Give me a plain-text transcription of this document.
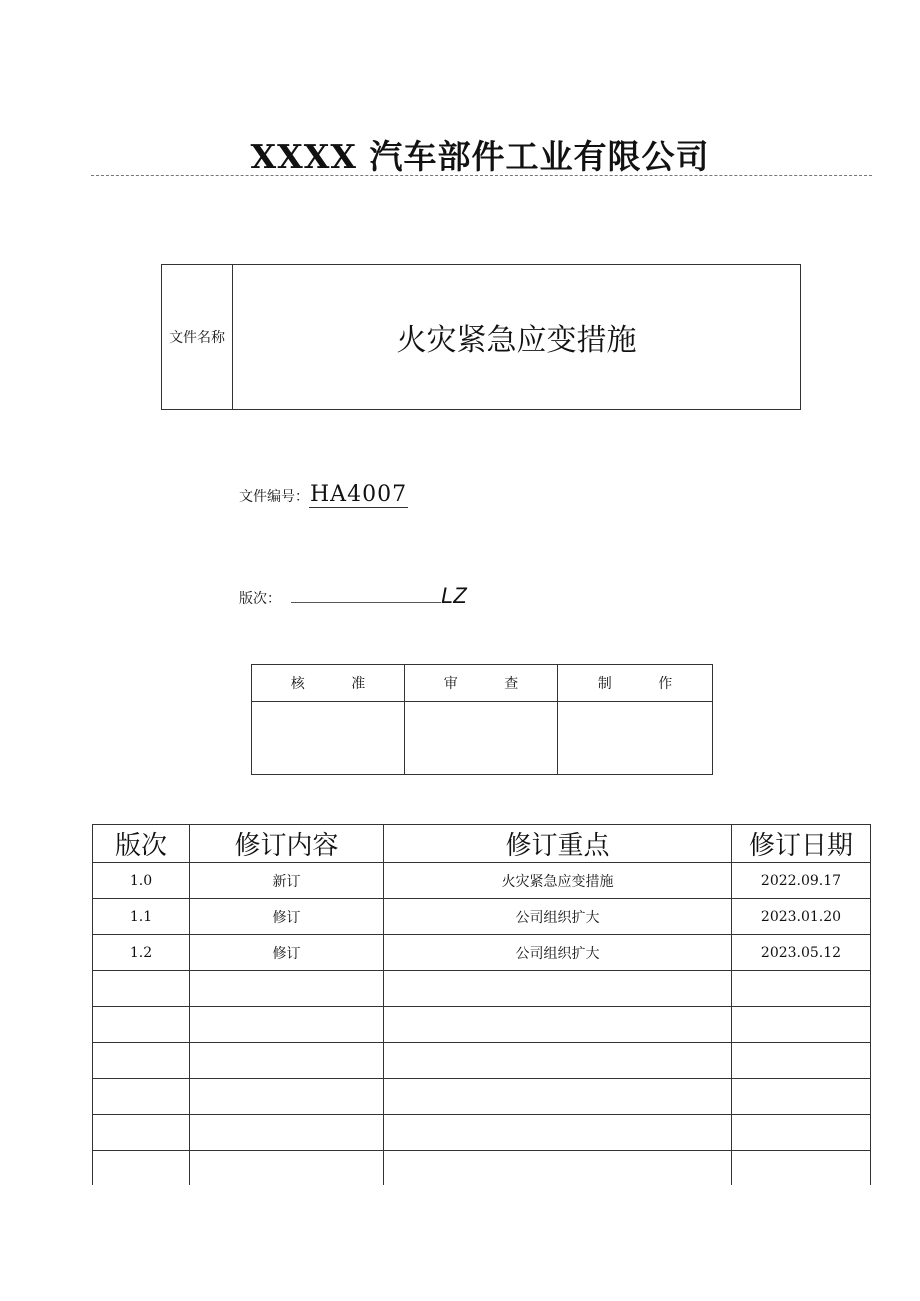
XXXX 汽车部件工业有限公司
文件名称	火灾紧急应变措施
文件编号： HA4007
版次：	LZ
核 准	审 查	制 作

版次	修订内容	修订重点	修订日期
1.0	新订	火灾紧急应变措施	2022.09.17
1.1	修订	公司组织扩大	2023.01.20
1.2	修订	公司组织扩大	2023.05.12
